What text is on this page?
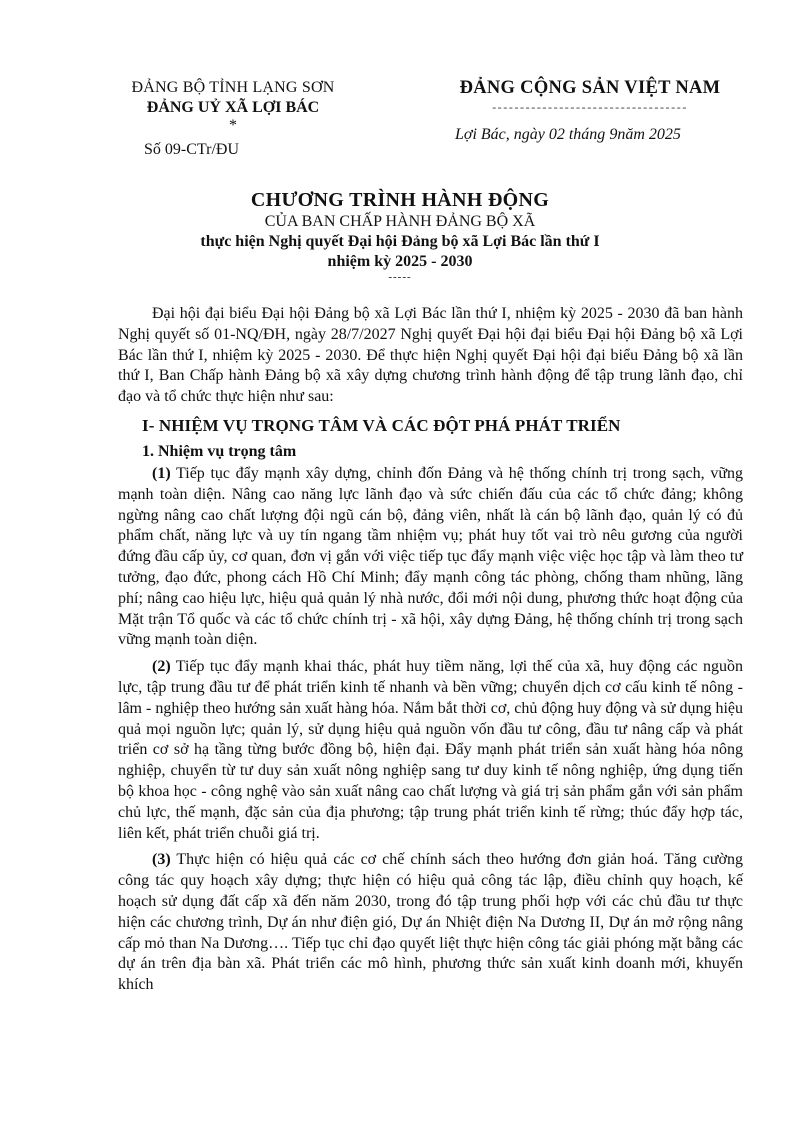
ĐẢNG BỘ TỈNH LẠNG SƠN
ĐẢNG UỶ XÃ LỢI BÁC
*
Số 09-CTr/ĐU
ĐẢNG CỘNG SẢN VIỆT NAM
-----------------------------------
Lợi Bác, ngày 02 tháng 9năm 2025
CHƯƠNG TRÌNH HÀNH ĐỘNG
CỦA BAN CHẤP HÀNH ĐẢNG BỘ XÃ
thực hiện Nghị quyết Đại hội Đảng bộ xã Lợi Bác lần thứ I
nhiệm kỳ 2025 - 2030
-----

Đại hội đại biểu Đại hội Đảng bộ xã Lợi Bác lần thứ I, nhiệm kỳ 2025 - 2030 đã ban hành Nghị quyết số 01-NQ/ĐH, ngày 28/7/2027 Nghị quyết Đại hội đại biểu Đại hội Đảng bộ xã Lợi Bác lần thứ I, nhiệm kỳ 2025 - 2030. Để thực hiện Nghị quyết Đại hội đại biểu Đảng bộ xã lần thứ I, Ban Chấp hành Đảng bộ xã xây dựng chương trình hành động để tập trung lãnh đạo, chỉ đạo và tổ chức thực hiện như sau:

I- NHIỆM VỤ TRỌNG TÂM VÀ CÁC ĐỘT PHÁ PHÁT TRIỂN
1. Nhiệm vụ trọng tâm

(1) Tiếp tục đẩy mạnh xây dựng, chỉnh đốn Đảng và hệ thống chính trị trong sạch, vững mạnh toàn diện. Nâng cao năng lực lãnh đạo và sức chiến đấu của các tổ chức đảng; không ngừng nâng cao chất lượng đội ngũ cán bộ, đảng viên, nhất là cán bộ lãnh đạo, quản lý có đủ phẩm chất, năng lực và uy tín ngang tầm nhiệm vụ; phát huy tốt vai trò nêu gương của người đứng đầu cấp ủy, cơ quan, đơn vị gắn với việc tiếp tục đẩy mạnh việc việc học tập và làm theo tư tưởng, đạo đức, phong cách Hồ Chí Minh; đẩy mạnh công tác phòng, chống tham nhũng, lãng phí; nâng cao hiệu lực, hiệu quả quản lý nhà nước, đổi mới nội dung, phương thức hoạt động của Mặt trận Tổ quốc và các tổ chức chính trị - xã hội, xây dựng Đảng, hệ thống chính trị trong sạch vững mạnh toàn diện.

(2) Tiếp tục đẩy mạnh khai thác, phát huy tiềm năng, lợi thế của xã, huy động các nguồn lực, tập trung đầu tư để phát triển kinh tế nhanh và bền vững; chuyển dịch cơ cấu kinh tế nông - lâm - nghiệp theo hướng sản xuất hàng hóa. Nắm bắt thời cơ, chủ động huy động và sử dụng hiệu quả mọi nguồn lực; quản lý, sử dụng hiệu quả nguồn vốn đầu tư công, đầu tư nâng cấp và phát triển cơ sở hạ tầng từng bước đồng bộ, hiện đại. Đẩy mạnh phát triển sản xuất hàng hóa nông nghiệp, chuyển từ tư duy sản xuất nông nghiệp sang tư duy kinh tế nông nghiệp, ứng dụng tiến bộ khoa học - công nghệ vào sản xuất nâng cao chất lượng và giá trị sản phẩm gắn với sản phẩm chủ lực, thế mạnh, đặc sản của địa phương; tập trung phát triển kinh tế rừng; thúc đẩy hợp tác, liên kết, phát triển chuỗi giá trị.

(3) Thực hiện có hiệu quả các cơ chế chính sách theo hướng đơn giản hoá. Tăng cường công tác quy hoạch xây dựng; thực hiện có hiệu quả công tác lập, điều chỉnh quy hoạch, kế hoạch sử dụng đất cấp xã đến năm 2030, trong đó tập trung phối hợp với các chủ đầu tư thực hiện các chương trình, Dự án như điện gió, Dự án Nhiệt điện Na Dương II, Dự án mở rộng nâng cấp mỏ than Na Dương…. Tiếp tục chỉ đạo quyết liệt thực hiện công tác giải phóng mặt bằng các dự án trên địa bàn xã. Phát triển các mô hình, phương thức sản xuất kinh doanh mới, khuyến khích
